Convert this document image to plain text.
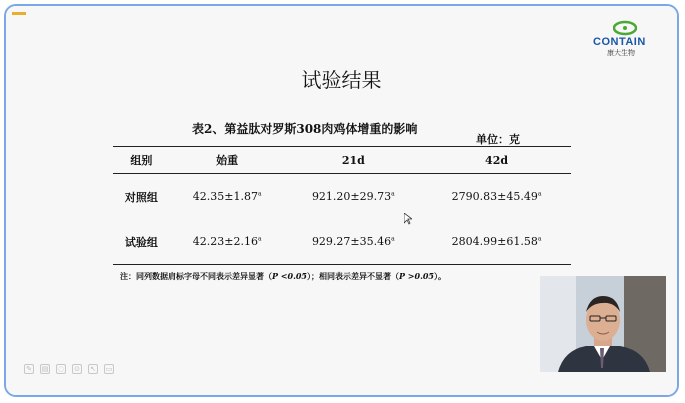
CONTAIN
康大生物
试验结果
表2、第益肽对罗斯308肉鸡体增重的影响
单位：克
组别	始重	21d	42d
对照组	42.35±1.87$^a$	921.20±29.73$^a$	2790.83±45.49$^a$
试验组	42.23±2.16$^a$	929.27±35.46$^a$	2804.99±61.58$^a$
注：同列数据肩标字母不同表示差异显著（P <0.05）；相同表示差异不显著（P >0.05）。
✎ ▤ ◌ ⊙ ↖ ▭
